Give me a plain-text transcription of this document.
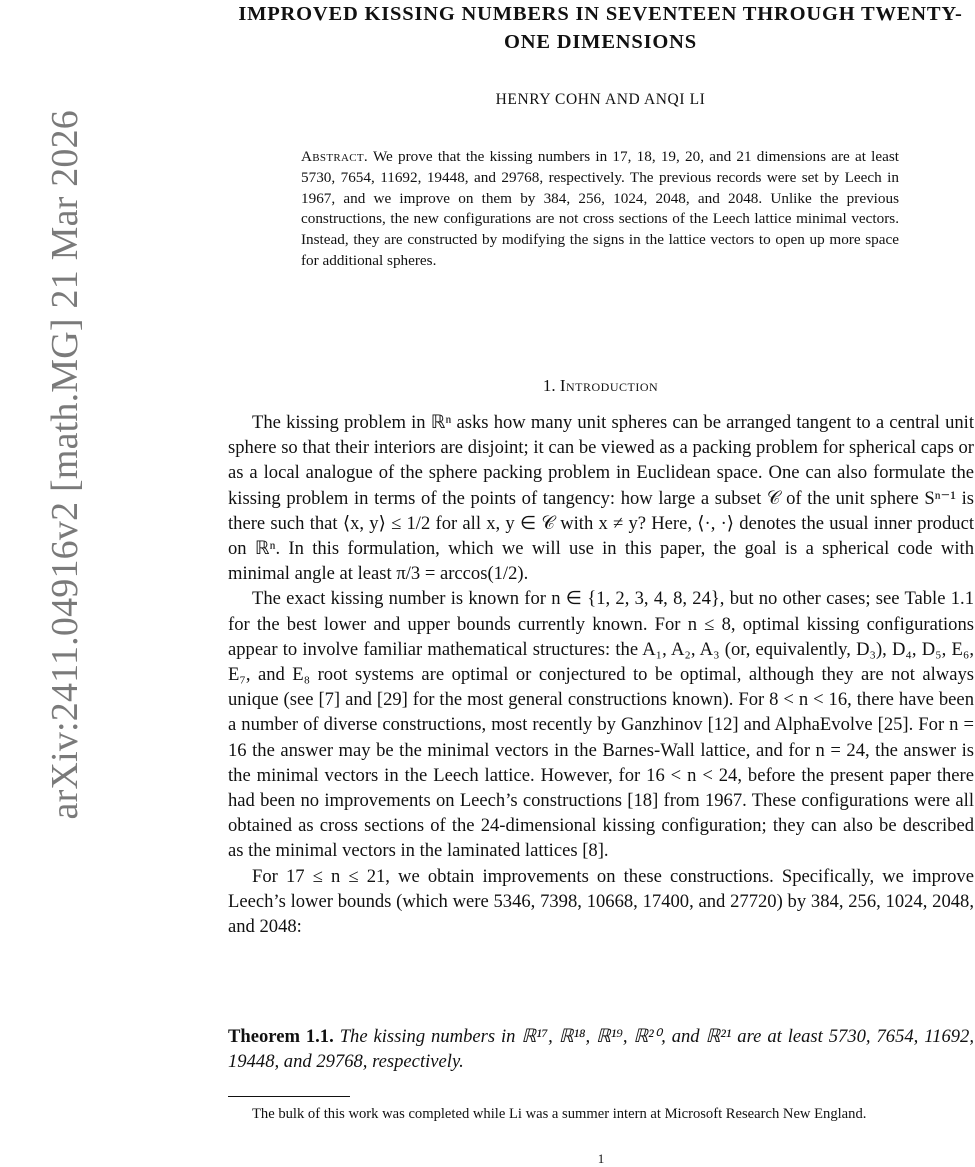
arXiv:2411.04916v2 [math.MG] 21 Mar 2026
IMPROVED KISSING NUMBERS IN SEVENTEEN THROUGH TWENTY-ONE DIMENSIONS
HENRY COHN AND ANQI LI
Abstract. We prove that the kissing numbers in 17, 18, 19, 20, and 21 dimensions are at least 5730, 7654, 11692, 19448, and 29768, respectively. The previous records were set by Leech in 1967, and we improve on them by 384, 256, 1024, 2048, and 2048. Unlike the previous constructions, the new configurations are not cross sections of the Leech lattice minimal vectors. Instead, they are constructed by modifying the signs in the lattice vectors to open up more space for additional spheres.
1. Introduction

The kissing problem in ℝⁿ asks how many unit spheres can be arranged tangent to a central unit sphere so that their interiors are disjoint; it can be viewed as a packing problem for spherical caps or as a local analogue of the sphere packing problem in Euclidean space. One can also formulate the kissing problem in terms of the points of tangency: how large a subset 𝒞 of the unit sphere Sⁿ⁻¹ is there such that ⟨x, y⟩ ≤ 1/2 for all x, y ∈ 𝒞 with x ≠ y? Here, ⟨·, ·⟩ denotes the usual inner product on ℝⁿ. In this formulation, which we will use in this paper, the goal is a spherical code with minimal angle at least π/3 = arccos(1/2).

The exact kissing number is known for n ∈ {1, 2, 3, 4, 8, 24}, but no other cases; see Table 1.1 for the best lower and upper bounds currently known. For n ≤ 8, optimal kissing configurations appear to involve familiar mathematical structures: the A₁, A₂, A₃ (or, equivalently, D₃), D₄, D₅, E₆, E₇, and E₈ root systems are optimal or conjectured to be optimal, although they are not always unique (see [7] and [29] for the most general constructions known). For 8 < n < 16, there have been a number of diverse constructions, most recently by Ganzhinov [12] and AlphaEvolve [25]. For n = 16 the answer may be the minimal vectors in the Barnes-Wall lattice, and for n = 24, the answer is the minimal vectors in the Leech lattice. However, for 16 < n < 24, before the present paper there had been no improvements on Leech’s constructions [18] from 1967. These configurations were all obtained as cross sections of the 24-dimensional kissing configuration; they can also be described as the minimal vectors in the laminated lattices [8].

For 17 ≤ n ≤ 21, we obtain improvements on these constructions. Specifically, we improve Leech’s lower bounds (which were 5346, 7398, 10668, 17400, and 27720) by 384, 256, 1024, 2048, and 2048:

Theorem 1.1. The kissing numbers in ℝ¹⁷, ℝ¹⁸, ℝ¹⁹, ℝ²⁰, and ℝ²¹ are at least 5730, 7654, 11692, 19448, and 29768, respectively.
The bulk of this work was completed while Li was a summer intern at Microsoft Research New England.
1
